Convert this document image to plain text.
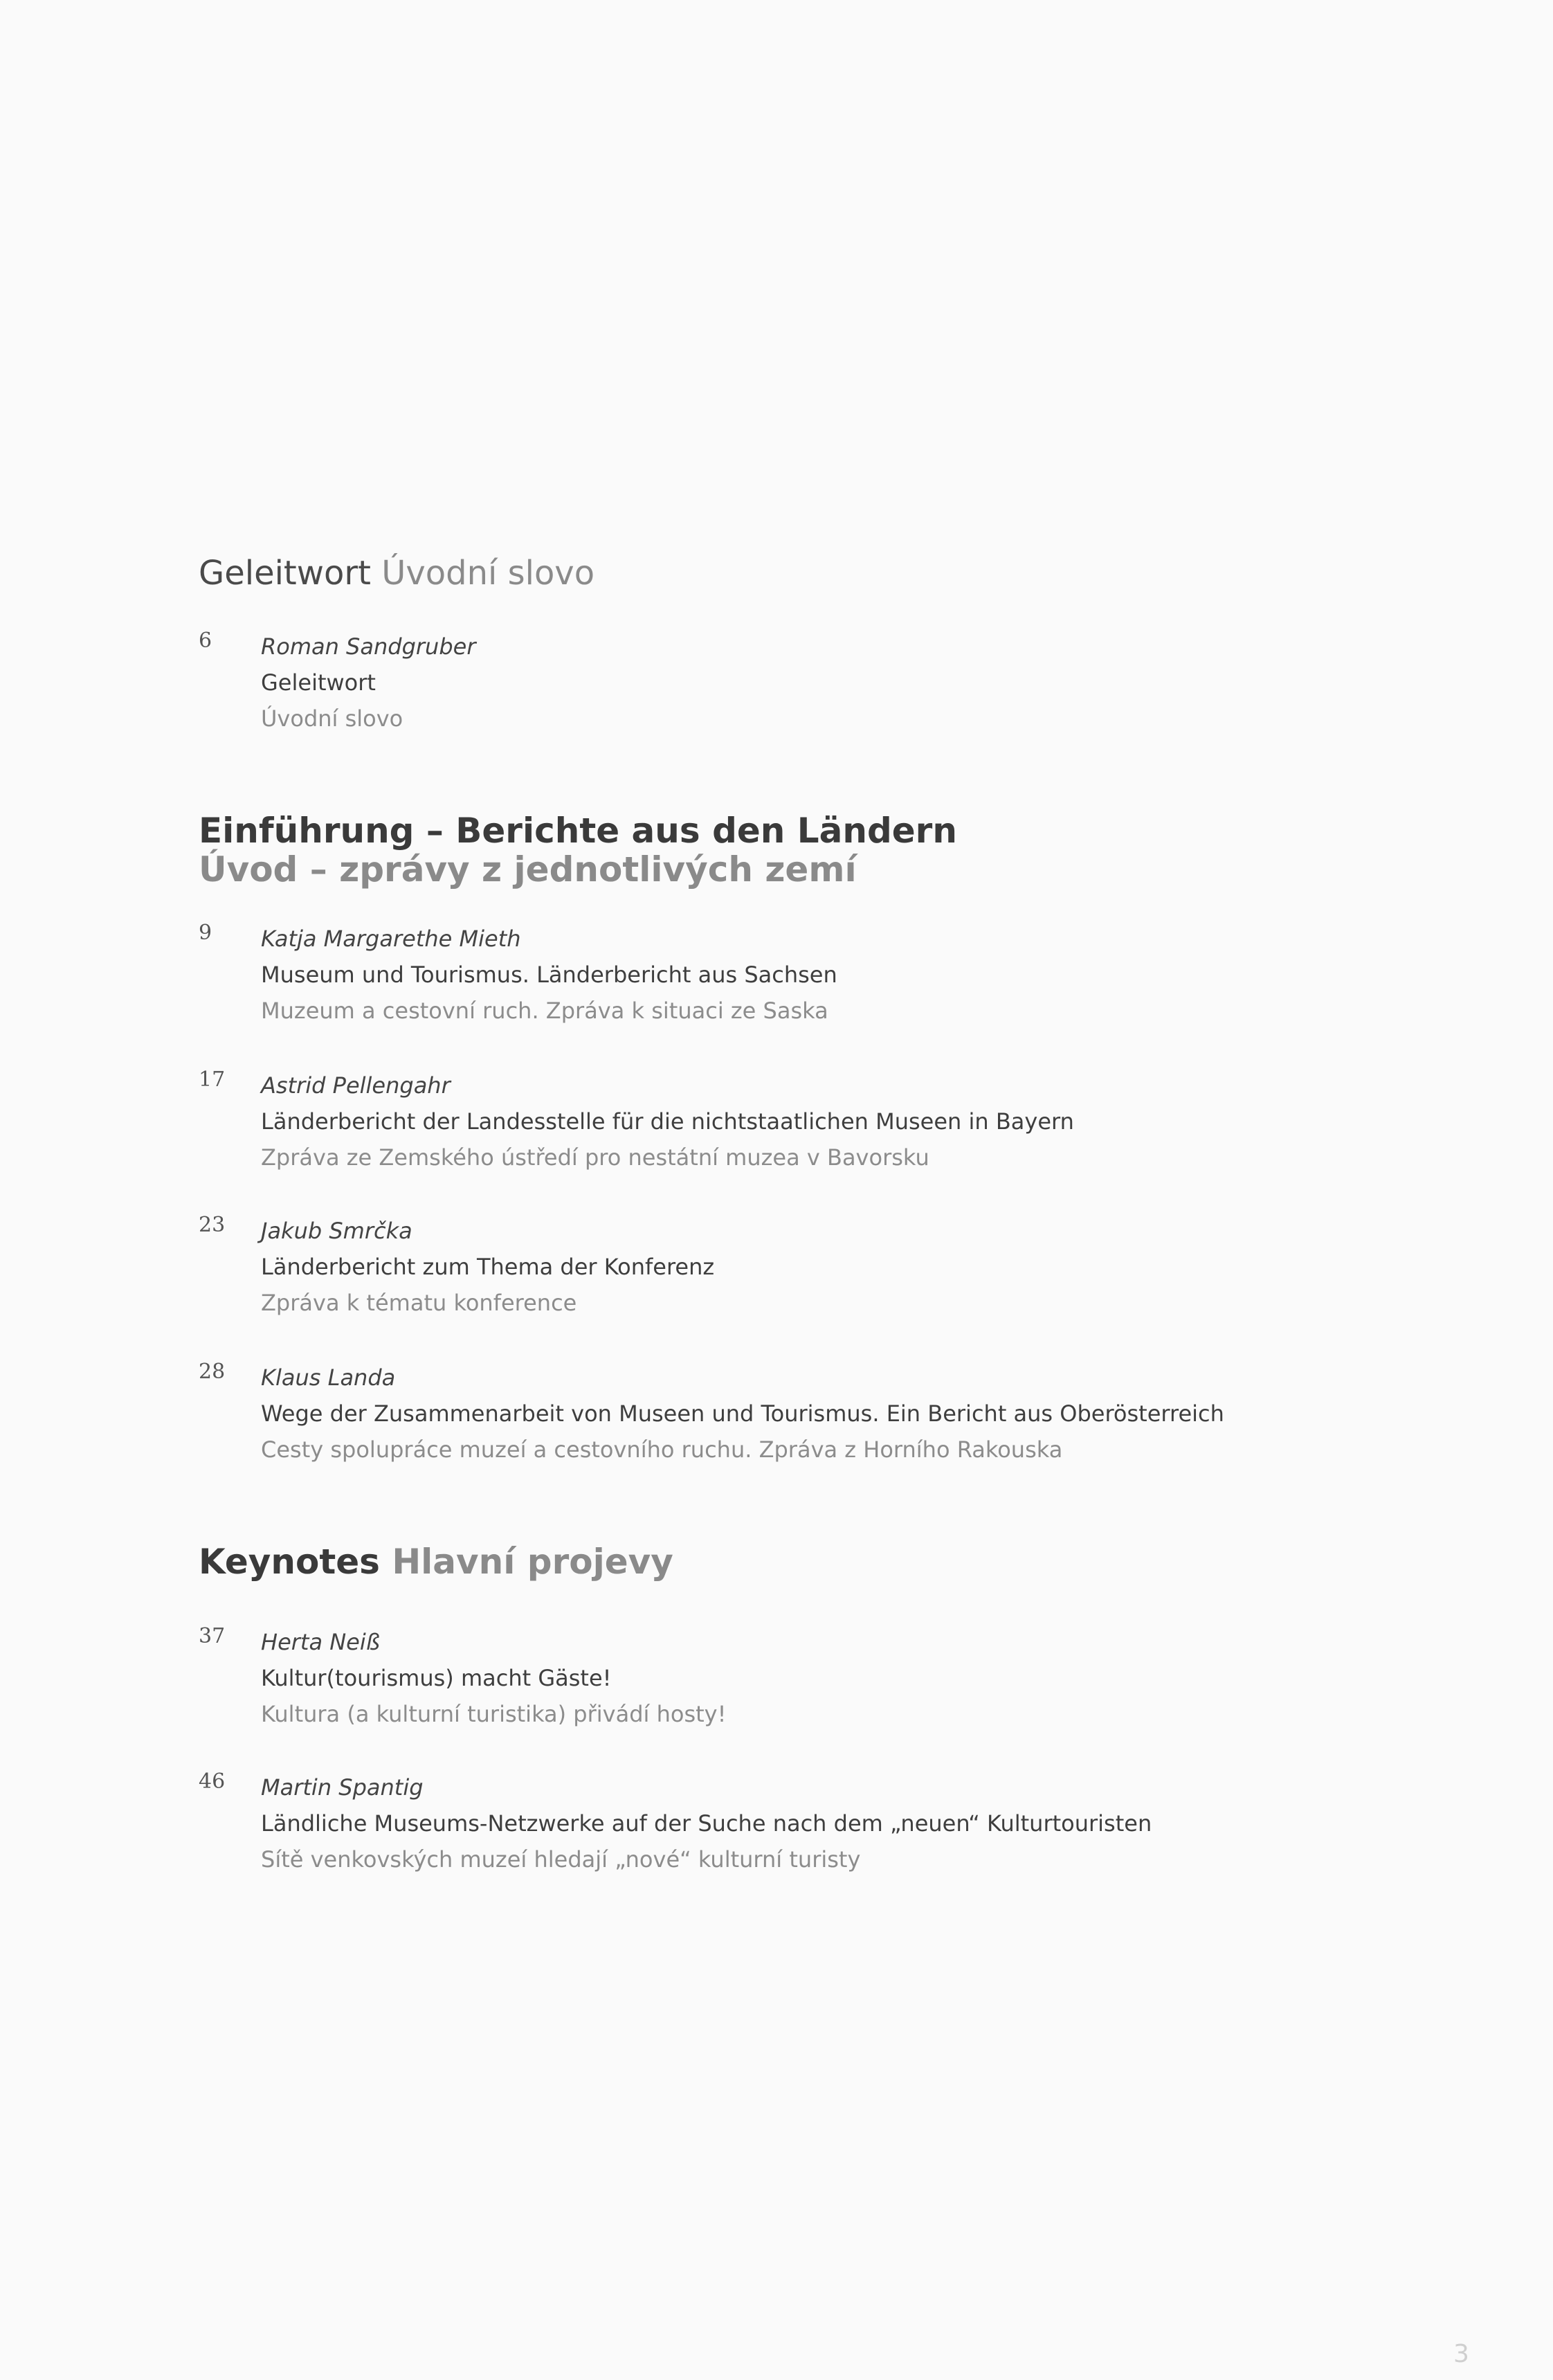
Geleitwort Úvodní slovo
6 Roman Sandgruber
Geleitwort
Úvodní slovo
Einführung – Berichte aus den Ländern
Úvod – zprávy z jednotlivých zemí
9 Katja Margarethe Mieth
Museum und Tourismus. Länderbericht aus Sachsen
Muzeum a cestovní ruch. Zpráva k situaci ze Saska
17 Astrid Pellengahr
Länderbericht der Landesstelle für die nichtstaatlichen Museen in Bayern
Zpráva ze Zemského ústředí pro nestátní muzea v Bavorsku
23 Jakub Smrčka
Länderbericht zum Thema der Konferenz
Zpráva k tématu konference
28 Klaus Landa
Wege der Zusammenarbeit von Museen und Tourismus. Ein Bericht aus Oberösterreich
Cesty spolupráce muzeí a cestovního ruchu. Zpráva z Horního Rakouska
Keynotes Hlavní projevy
37 Herta Neiß
Kultur(tourismus) macht Gäste!
Kultura (a kulturní turistika) přivádí hosty!
46 Martin Spantig
Ländliche Museums-Netzwerke auf der Suche nach dem „neuen“ Kulturtouristen
Sítě venkovských muzeí hledají „nové“ kulturní turisty
3
